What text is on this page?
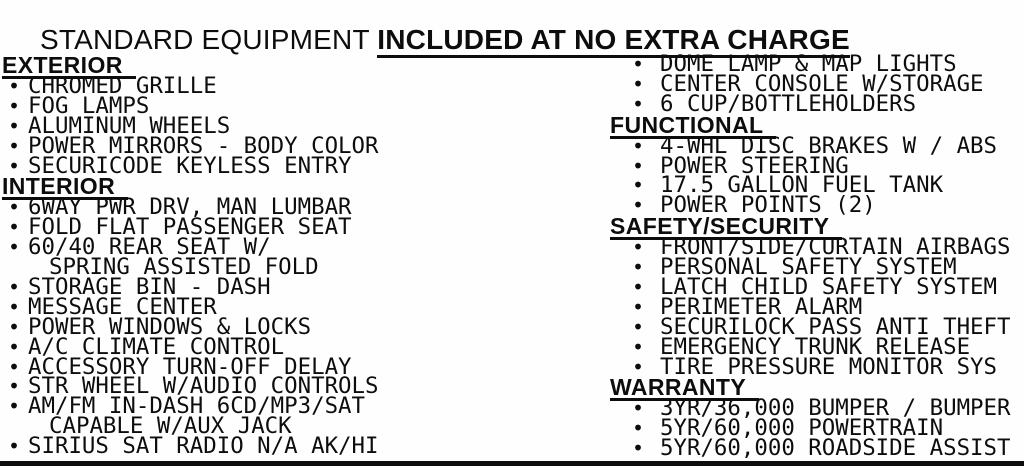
STANDARD EQUIPMENT INCLUDED AT NO EXTRA CHARGE
EXTERIOR
• CHROMED GRILLE
• FOG LAMPS
• ALUMINUM WHEELS
• POWER MIRRORS - BODY COLOR
• SECURICODE KEYLESS ENTRY
INTERIOR
• 6WAY PWR DRV, MAN LUMBAR
• FOLD FLAT PASSENGER SEAT
• 60/40 REAR SEAT W/
SPRING ASSISTED FOLD
• STORAGE BIN - DASH
• MESSAGE CENTER
• POWER WINDOWS & LOCKS
• A/C CLIMATE CONTROL
• ACCESSORY TURN-OFF DELAY
• STR WHEEL W/AUDIO CONTROLS
• AM/FM IN-DASH 6CD/MP3/SAT
CAPABLE W/AUX JACK
• SIRIUS SAT RADIO N/A AK/HI
• DOME LAMP & MAP LIGHTS
• CENTER CONSOLE W/STORAGE
• 6 CUP/BOTTLEHOLDERS
FUNCTIONAL
• 4-WHL DISC BRAKES W / ABS
• POWER STEERING
• 17.5 GALLON FUEL TANK
• POWER POINTS (2)
SAFETY/SECURITY
• FRONT/SIDE/CURTAIN AIRBAGS
• PERSONAL SAFETY SYSTEM
• LATCH CHILD SAFETY SYSTEM
• PERIMETER ALARM
• SECURILOCK PASS ANTI THEFT
• EMERGENCY TRUNK RELEASE
• TIRE PRESSURE MONITOR SYS
WARRANTY
• 3YR/36,000 BUMPER / BUMPER
• 5YR/60,000 POWERTRAIN
• 5YR/60,000 ROADSIDE ASSIST
